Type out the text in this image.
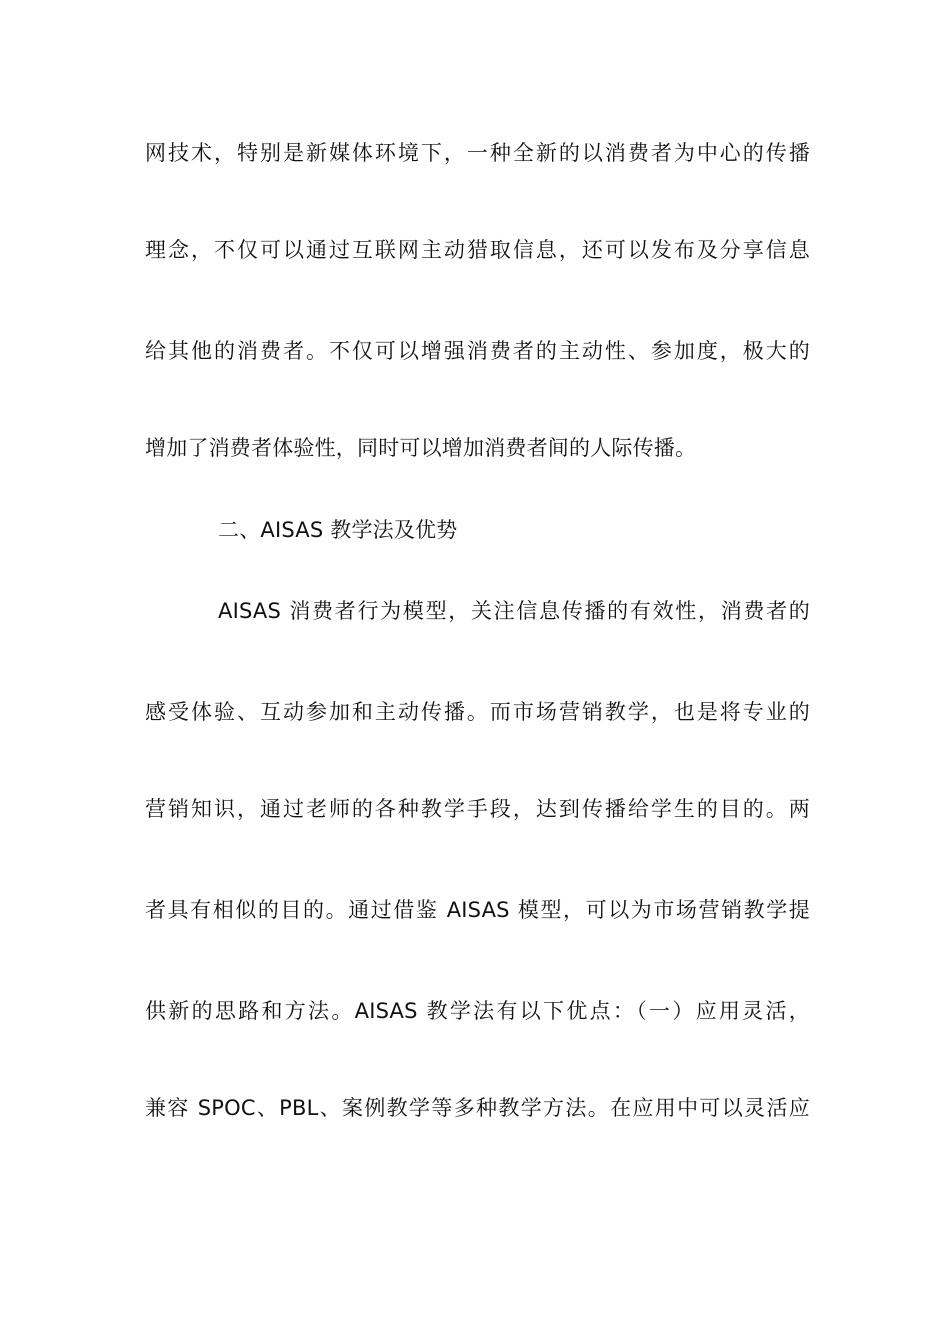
网技术，特别是新媒体环境下，一种全新的以消费者为中心的传播
理念，不仅可以通过互联网主动猎取信息，还可以发布及分享信息
给其他的消费者。不仅可以增强消费者的主动性、参加度，极大的
增加了消费者体验性，同时可以增加消费者间的人际传播。
二、AISAS 教学法及优势
AISAS 消费者行为模型，关注信息传播的有效性，消费者的
感受体验、互动参加和主动传播。而市场营销教学，也是将专业的
营销知识，通过老师的各种教学手段，达到传播给学生的目的。两
者具有相似的目的。通过借鉴 AISAS 模型，可以为市场营销教学提
供新的思路和方法。AISAS 教学法有以下优点：（一）应用灵活，
兼容 SPOC、PBL、案例教学等多种教学方法。在应用中可以灵活应
